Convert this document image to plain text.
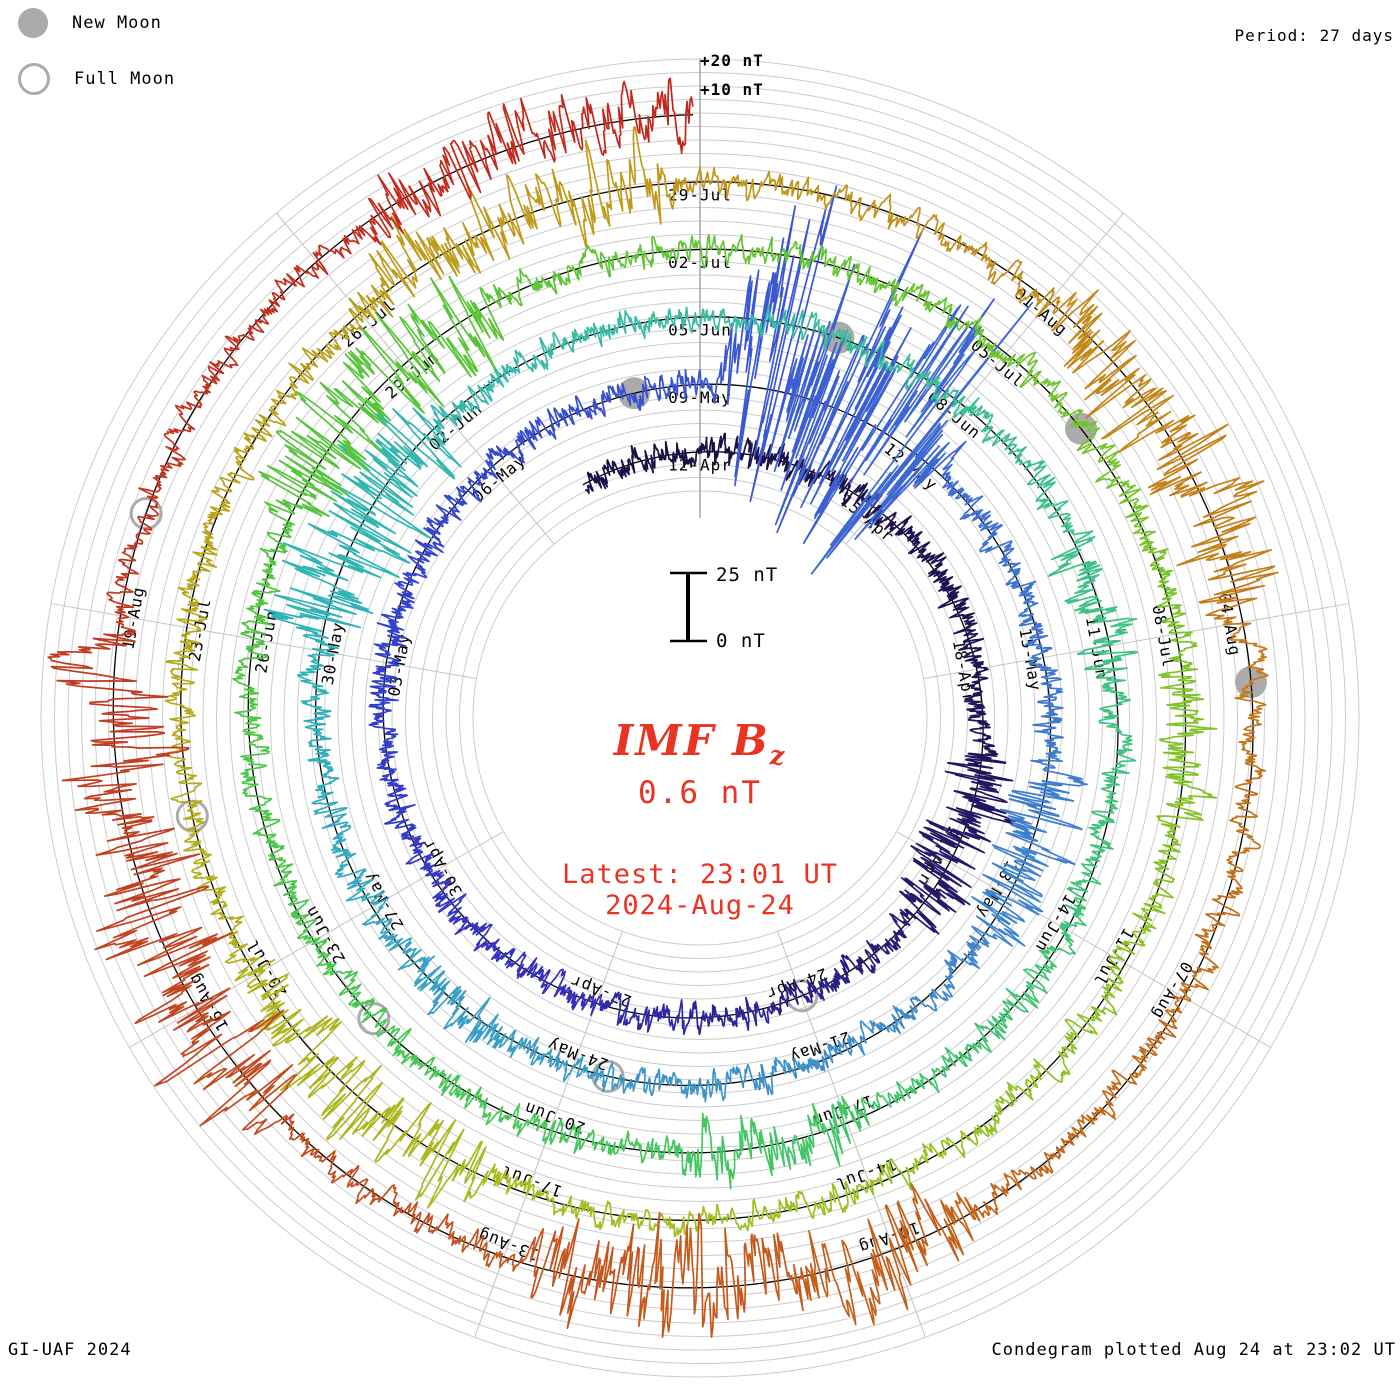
12-Apr
15-Apr
18-Apr
21-Apr
24-Apr
27-Apr
30-Apr
03-May
06-May
09-May
12-May
15-May
18-May
21-May
24-May
27-May
30-May
02-Jun
05-Jun
08-Jun
11-Jun
14-Jun
17-Jun
20-Jun
23-Jun
26-Jun
29-Jun
02-Jul
05-Jul
08-Jul
11-Jul
14-Jul
17-Jul
20-Jul
23-Jul
26-Jul
29-Jul
01-Aug
04-Aug
07-Aug
10-Aug
13-Aug
16-Aug
19-Aug
New Moon
Full Moon
Period: 27 days
+20 nT
+10 nT
25 nT
0 nT
IMF $B_z$
0.6 nT
Latest: 23:01 UT
2024-Aug-24
GI-UAF 2024	Condegram plotted Aug 24 at 23:02 UT
